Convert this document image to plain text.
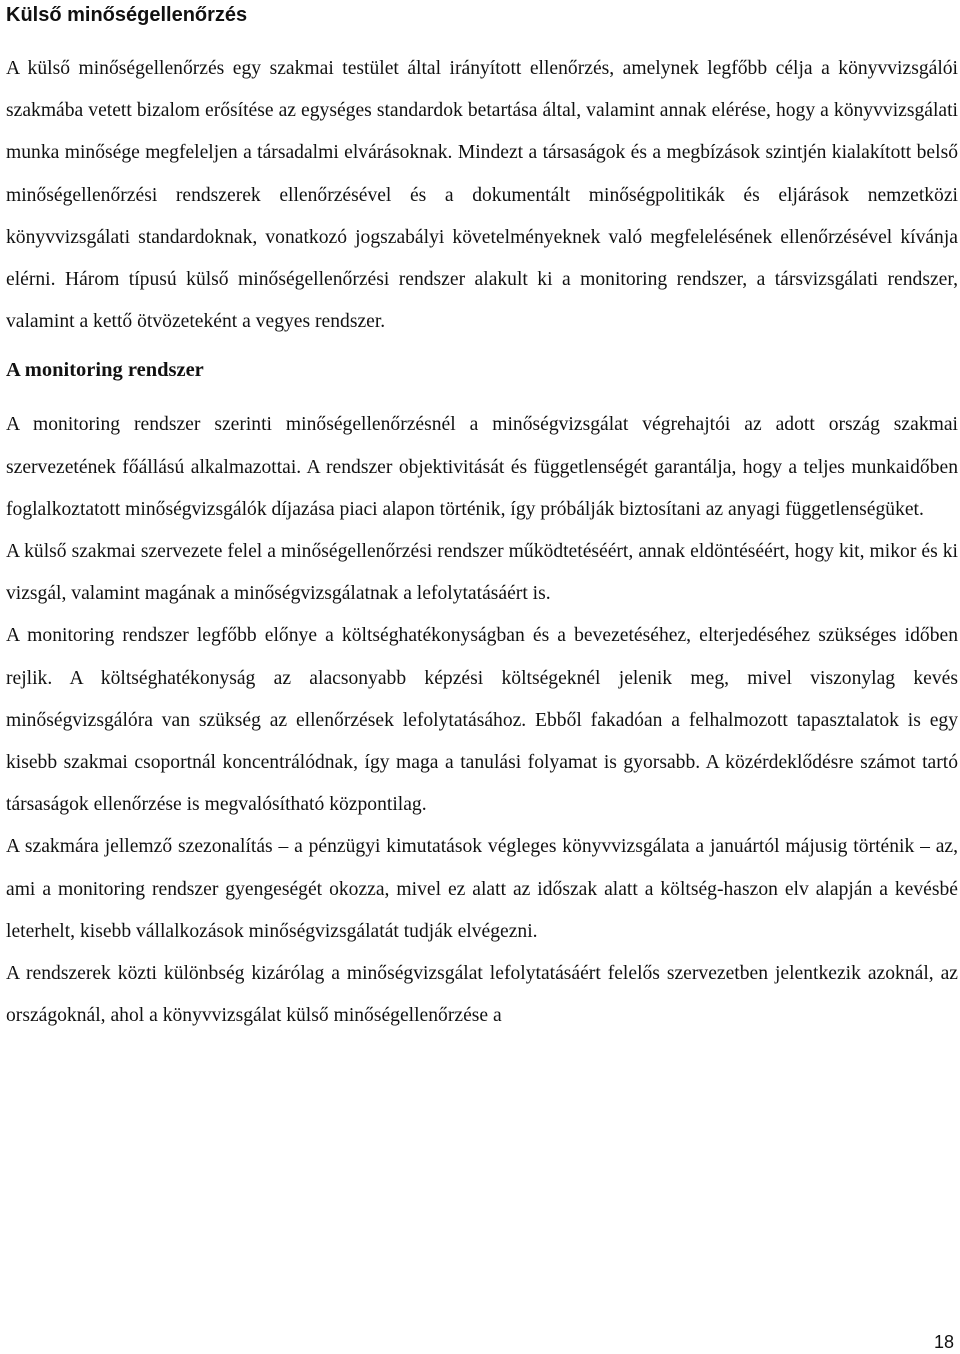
Külső minőségellenőrzés

A külső minőségellenőrzés egy szakmai testület által irányított ellenőrzés, amelynek legfőbb célja a könyvvizsgálói szakmába vetett bizalom erősítése az egységes standardok betartása által, valamint annak elérése, hogy a könyvvizsgálati munka minősége megfeleljen a társadalmi elvárásoknak. Mindezt a társaságok és a megbízások szintjén kialakított belső minőségellenőrzési rendszerek ellenőrzésével és a dokumentált minőségpolitikák és eljárások nemzetközi könyvvizsgálati standardoknak, vonatkozó jogszabályi követelményeknek való megfelelésének ellenőrzésével kívánja elérni. Három típusú külső minőségellenőrzési rendszer alakult ki a monitoring rendszer, a társvizsgálati rendszer, valamint a kettő ötvözeteként a vegyes rendszer.

A monitoring rendszer

A monitoring rendszer szerinti minőségellenőrzésnél a minőségvizsgálat végrehajtói az adott ország szakmai szervezetének főállású alkalmazottai. A rendszer objektivitását és függetlenségét garantálja, hogy a teljes munkaidőben foglalkoztatott minőségvizsgálók díjazása piaci alapon történik, így próbálják biztosítani az anyagi függetlenségüket.

A külső szakmai szervezete felel a minőségellenőrzési rendszer működtetéséért, annak eldöntéséért, hogy kit, mikor és ki vizsgál, valamint magának a minőségvizsgálatnak a lefolytatásáért is.

A monitoring rendszer legfőbb előnye a költséghatékonyságban és a bevezetéséhez, elterjedéséhez szükséges időben rejlik. A költséghatékonyság az alacsonyabb képzési költségeknél jelenik meg, mivel viszonylag kevés minőségvizsgálóra van szükség az ellenőrzések lefolytatásához. Ebből fakadóan a felhalmozott tapasztalatok is egy kisebb szakmai csoportnál koncentrálódnak, így maga a tanulási folyamat is gyorsabb. A közérdeklődésre számot tartó társaságok ellenőrzése is megvalósítható központilag.

A szakmára jellemző szezonalítás – a pénzügyi kimutatások végleges könyvvizsgálata a januártól májusig történik – az, ami a monitoring rendszer gyengeségét okozza, mivel ez alatt az időszak alatt a költség-haszon elv alapján a kevésbé leterhelt, kisebb vállalkozások minőségvizsgálatát tudják elvégezni.

A rendszerek közti különbség kizárólag a minőségvizsgálat lefolytatásáért felelős szervezetben jelentkezik azoknál, az országoknál, ahol a könyvvizsgálat külső minőségellenőrzése a

18
